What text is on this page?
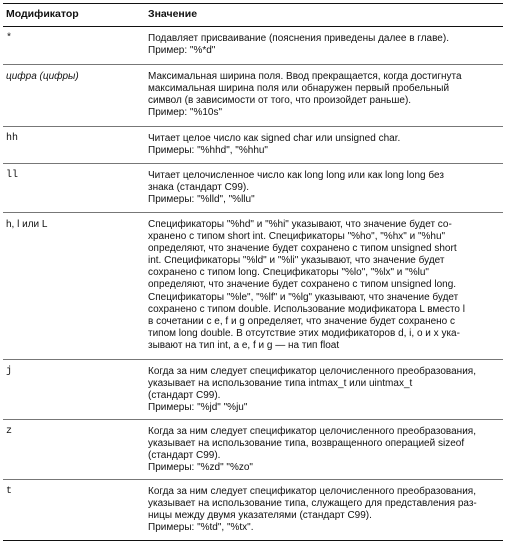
Модификатор	Значение
*	Подавляет присваивание (пояснения приведены далее в главе).
Пример: "%*d"
цифра (цифры)	Максимальная ширина поля. Ввод прекращается, когда достигнута
максимальная ширина поля или обнаружен первый пробельный
символ (в зависимости от того, что произойдет раньше).
Пример: "%10s"
hh	Читает целое число как signed char или unsigned char.
Примеры: "%hhd", "%hhu"
ll	Читает целочисленное число как long long или как long long без
знака (стандарт C99).
Примеры: "%lld", "%llu"
h, l или L	Спецификаторы "%hd" и "%hi" указывают, что значение будет со-
хранено с типом short int. Спецификаторы "%ho", "%hx" и "%hu"
определяют, что значение будет сохранено с типом unsigned short
int. Спецификаторы "%ld" и "%li" указывают, что значение будет
сохранено с типом long. Спецификаторы "%lo", "%lx" и "%lu"
определяют, что значение будет сохранено с типом unsigned long.
Спецификаторы "%le", "%lf" и "%lg" указывают, что значение будет
сохранено с типом double. Использование модификатора L вместо l
в сочетании с e, f и g определяет, что значение будет сохранено с
типом long double. В отсутствие этих модификаторов d, i, o и x ука-
зывают на тип int, а e, f и g — на тип float
j	Когда за ним следует спецификатор целочисленного преобразования,
указывает на использование типа intmax_t или uintmax_t
(стандарт C99).
Примеры: "%jd" "%ju"
z	Когда за ним следует спецификатор целочисленного преобразования,
указывает на использование типа, возвращенного операцией sizeof
(стандарт C99).
Примеры: "%zd" "%zo"
t	Когда за ним следует спецификатор целочисленного преобразования,
указывает на использование типа, служащего для представления раз-
ницы между двумя указателями (стандарт C99).
Примеры: "%td", "%tx".
